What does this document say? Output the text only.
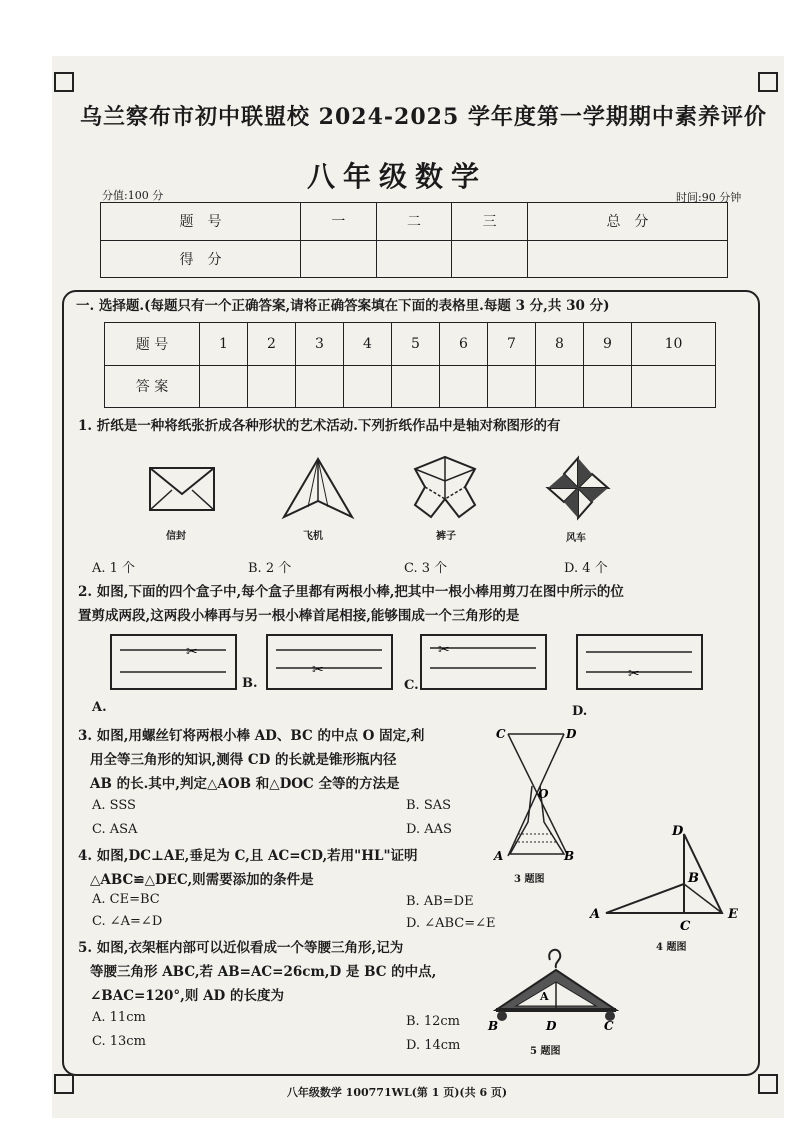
乌兰察布市初中联盟校 2024-2025 学年度第一学期期中素养评价
八年级数学
分值:100 分	时间:90 分钟
题　号	一	二	三	总　分
得　分				
一. 选择题.(每题只有一个正确答案,请将正确答案填在下面的表格里.每题 3 分,共 30 分)
题 号	1	2	3	4	5	6	7	8	9	10
答 案										
1. 折纸是一种将纸张折成各种形状的艺术活动.下列折纸作品中是轴对称图形的有
信封	飞机	裤子	风车
A. 1 个	B. 2 个	C. 3 个	D. 4 个
2. 如图,下面的四个盒子中,每个盒子里都有两根小棒,把其中一根小棒用剪刀在图中所示的位
置剪成两段,这两段小棒再与另一根小棒首尾相接,能够围成一个三角形的是
✂
✂
✂
✂
A.
B.	C.
D.
3. 如图,用螺丝钉将两根小棒 AD、BC 的中点 O 固定,利
用全等三角形的知识,测得 CD 的长就是锥形瓶内径
AB 的长.其中,判定△AOB 和△DOC 全等的方法是
A. SSS	B. SAS
C. ASA	D. AAS
C	D
O
A	B
3 题图
4. 如图,DC⊥AE,垂足为 C,且 AC=CD,若用"HL"证明
△ABC≌△DEC,则需要添加的条件是
A. CE=BC	B. AB=DE
C. ∠A=∠D	D. ∠ABC=∠E
D
B
A
C
E
4 题图
5. 如图,衣架框内部可以近似看成一个等腰三角形,记为
等腰三角形 ABC,若 AB=AC=26cm,D 是 BC 的中点,
∠BAC=120°,则 AD 的长度为
A. 11cm	B. 12cm
C. 13cm	D. 14cm
A
B	D	C
5 题图
八年级数学 100771WL(第 1 页)(共 6 页)
